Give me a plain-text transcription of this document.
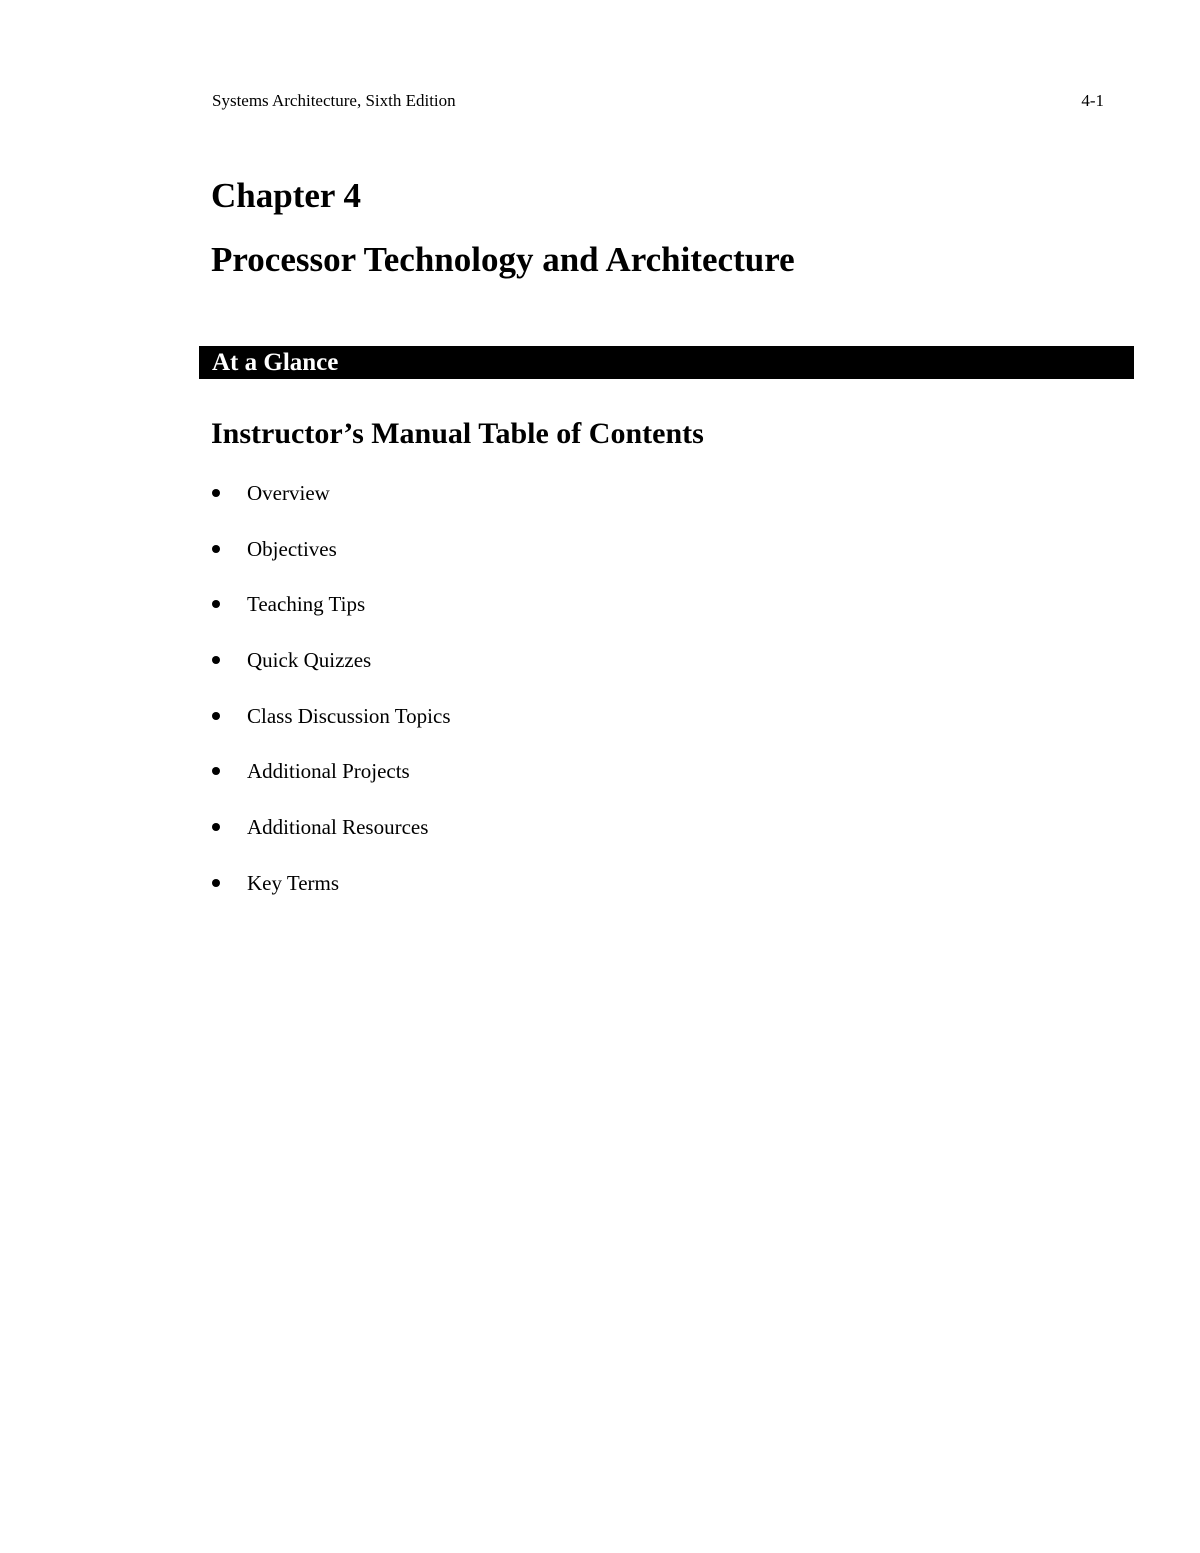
Systems Architecture, Sixth Edition	4-1
Chapter 4
Processor Technology and Architecture
At a Glance
Instructor’s Manual Table of Contents
Overview
Objectives
Teaching Tips
Quick Quizzes
Class Discussion Topics
Additional Projects
Additional Resources
Key Terms
